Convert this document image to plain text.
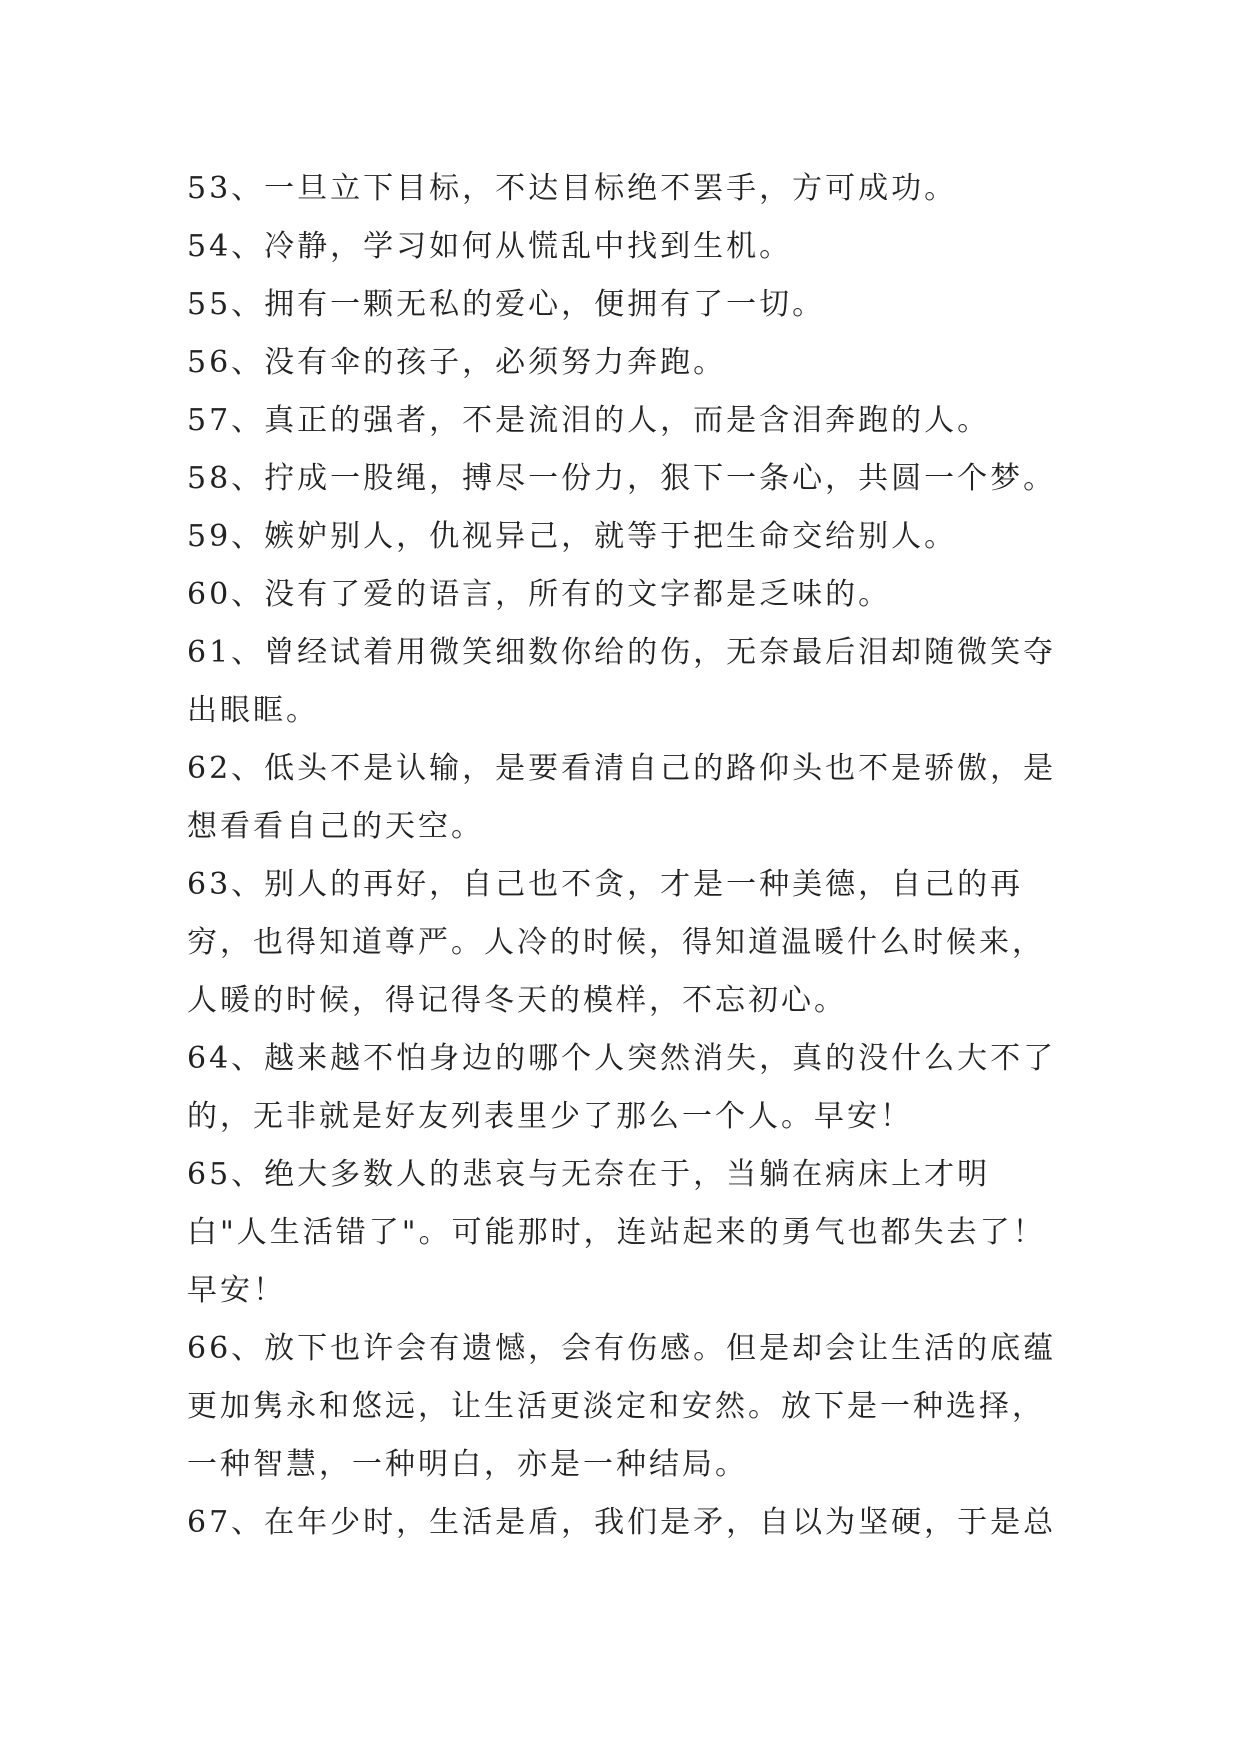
53、一旦立下目标，不达目标绝不罢手，方可成功。

54、冷静，学习如何从慌乱中找到生机。

55、拥有一颗无私的爱心，便拥有了一切。

56、没有伞的孩子，必须努力奔跑。

57、真正的强者，不是流泪的人，而是含泪奔跑的人。

58、拧成一股绳，搏尽一份力，狠下一条心，共圆一个梦。

59、嫉妒别人，仇视异己，就等于把生命交给别人。

60、没有了爱的语言，所有的文字都是乏味的。

61、曾经试着用微笑细数你给的伤，无奈最后泪却随微笑夺出眼眶。

62、低头不是认输，是要看清自己的路仰头也不是骄傲，是想看看自己的天空。

63、别人的再好，自己也不贪，才是一种美德，自己的再穷，也得知道尊严。人冷的时候，得知道温暖什么时候来，人暖的时候，得记得冬天的模样，不忘初心。

64、越来越不怕身边的哪个人突然消失，真的没什么大不了的，无非就是好友列表里少了那么一个人。早安！

65、绝大多数人的悲哀与无奈在于，当躺在病床上才明白"人生活错了"。可能那时，连站起来的勇气也都失去了！早安！

66、放下也许会有遗憾，会有伤感。但是却会让生活的底蕴更加隽永和悠远，让生活更淡定和安然。放下是一种选择，一种智慧，一种明白，亦是一种结局。

67、在年少时，生活是盾，我们是矛，自以为坚硬，于是总
